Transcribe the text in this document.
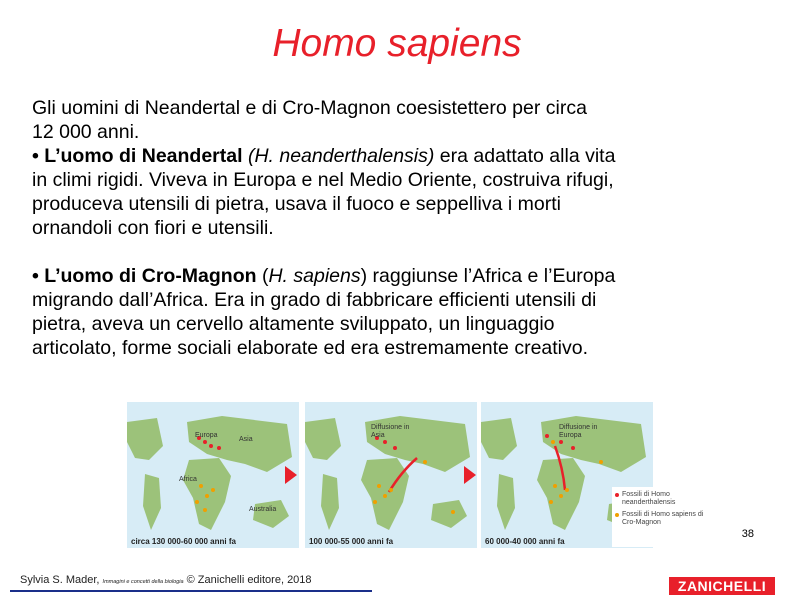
Homo sapiens
Gli uomini di Neandertal e di Cro-Magnon coesistettero per circa
12 000 anni.
• L’uomo di Neandertal (H. neanderthalensis) era adattato alla vita
in climi rigidi. Viveva in Europa e nel Medio Oriente, costruiva rifugi,
produceva utensili di pietra, usava il fuoco e seppelliva i morti
ornandoli con fiori e utensili.
• L’uomo di Cro-Magnon (H. sapiens) raggiunse l’Africa e l’Europa
migrando dall’Africa. Era in grado di fabbricare efficienti utensili di
pietra, aveva un cervello altamente sviluppato, un linguaggio
articolato, forme sociali elaborate ed era estremamente creativo.
Europa
Asia
Africa
Australia
circa 130 000-60 000 anni fa
Diffusione in Asia
100 000-55 000 anni fa
Diffusione in Europa
60 000-40 000 anni fa
Fossili di Homo neanderthalensis
Fossili di Homo sapiens di Cro-Magnon
38
Sylvia S. Mader, Immagini e concetti della biologia © Zanichelli editore, 2018	ZANICHELLI
